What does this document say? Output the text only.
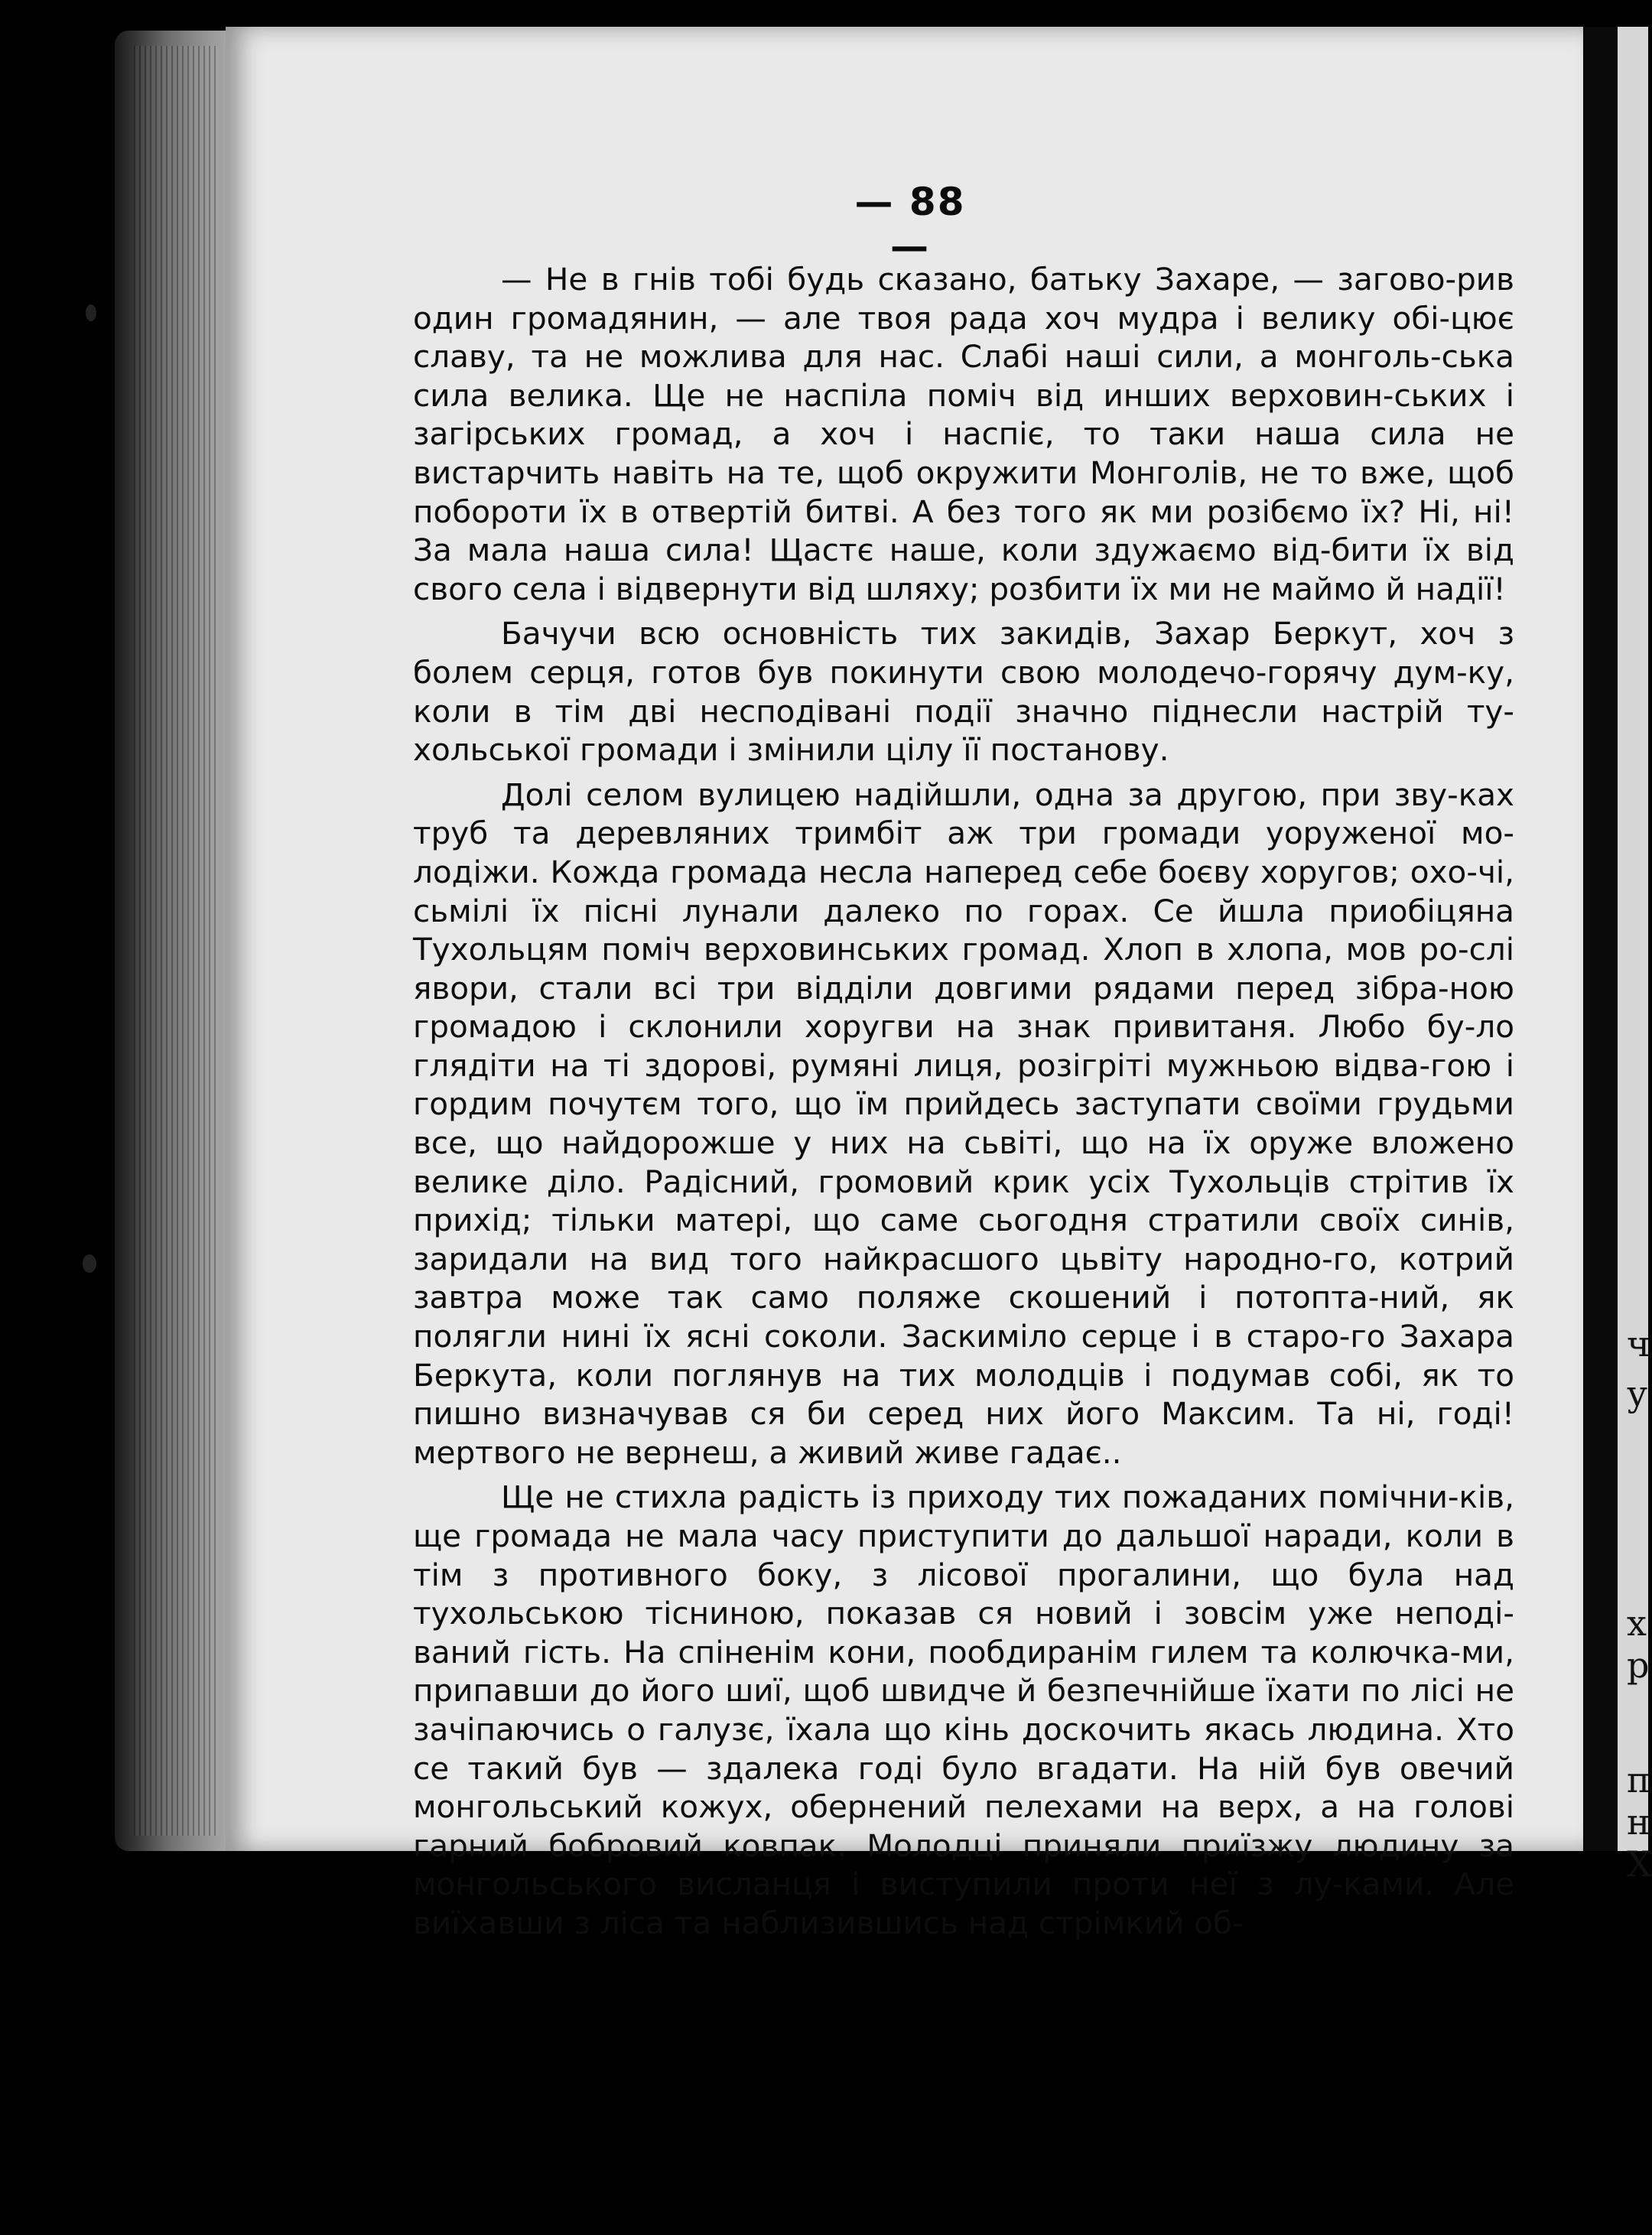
ч
у
х
р
п
н
Х
— 88 —

— Не в гнів тобі будь сказано, батьку Захаре, — загово-рив один громадянин, — але твоя рада хоч мудра і велику обі-цює славу, та не можлива для нас. Слабі наші сили, а монголь-ська сила велика. Ще не наспіла поміч від инших верховин-ських і загірських громад, а хоч і наспіє, то таки наша сила не вистарчить навіть на те, щоб окружити Монголів, не то вже, щоб побороти їх в отвертій битві. А без того як ми розібємо їх? Ні, ні! За мала наша сила! Щастє наше, коли здужаємо від-бити їх від свого села і відвернути від шляху; розбити їх ми не маймо й надії!

Бачучи всю основність тих закидів, Захар Беркут, хоч з болем серця, готов був покинути свою молодечо-горячу дум-ку, коли в тім дві несподівані події значно піднесли настрій ту-хольської громади і змінили цілу її постанову.

Долі селом вулицею надійшли, одна за другою, при зву-ках труб та деревляних тримбіт аж три громади уоруженої мо-лодіжи. Кожда громада несла наперед себе боєву хоругов; охо-чі, сьмілі їх пісні лунали далеко по горах. Се йшла приобіцяна Тухольцям поміч верховинських громад. Хлоп в хлопа, мов ро-слі явори, стали всі три відділи довгими рядами перед зібра-ною громадою і склонили хоругви на знак привитаня. Любо бу-ло глядіти на ті здорові, румяні лиця, розігріті мужньою відва-гою і гордим почутєм того, що їм прийдесь заступати своїми грудьми все, що найдорожше у них на сьвіті, що на їх оруже вложено велике діло. Радісний, громовий крик усіх Тухольців стрітив їх прихід; тільки матері, що саме сьогодня стратили своїх синів, заридали на вид того найкрасшого цьвіту народно-го, котрий завтра може так само поляже скошений і потопта-ний, як полягли нині їх ясні соколи. Заскиміло серце і в старо-го Захара Беркута, коли поглянув на тих молодців і подумав собі, як то пишно визначував ся би серед них його Максим. Та ні, годі! мертвого не вернеш, а живий живе гадає..

Ще не стихла радість із приходу тих пожаданих помічни-ків, ще громада не мала часу приступити до дальшої наради, коли в тім з противного боку, з лісової прогалини, що була над тухольською тісниною, показав ся новий і зовсім уже неподі-ваний гість. На спіненім кони, пообдиранім гилем та колючка-ми, припавши до його шиї, щоб швидче й безпечнійше їхати по лісі не зачіпаючись о галузє, їхала що кінь доскочить якась людина. Хто се такий був — здалека годі було вгадати. На ній був овечий монгольський кожух, обернений пелехами на верх, а на голові гарний бобровий ковпак. Молодці приняли приїзжу людину за монгольського висланця і виступили проти неї з лу-ками. Але виїхавши з ліса та наблизившись над стрімкий об-
